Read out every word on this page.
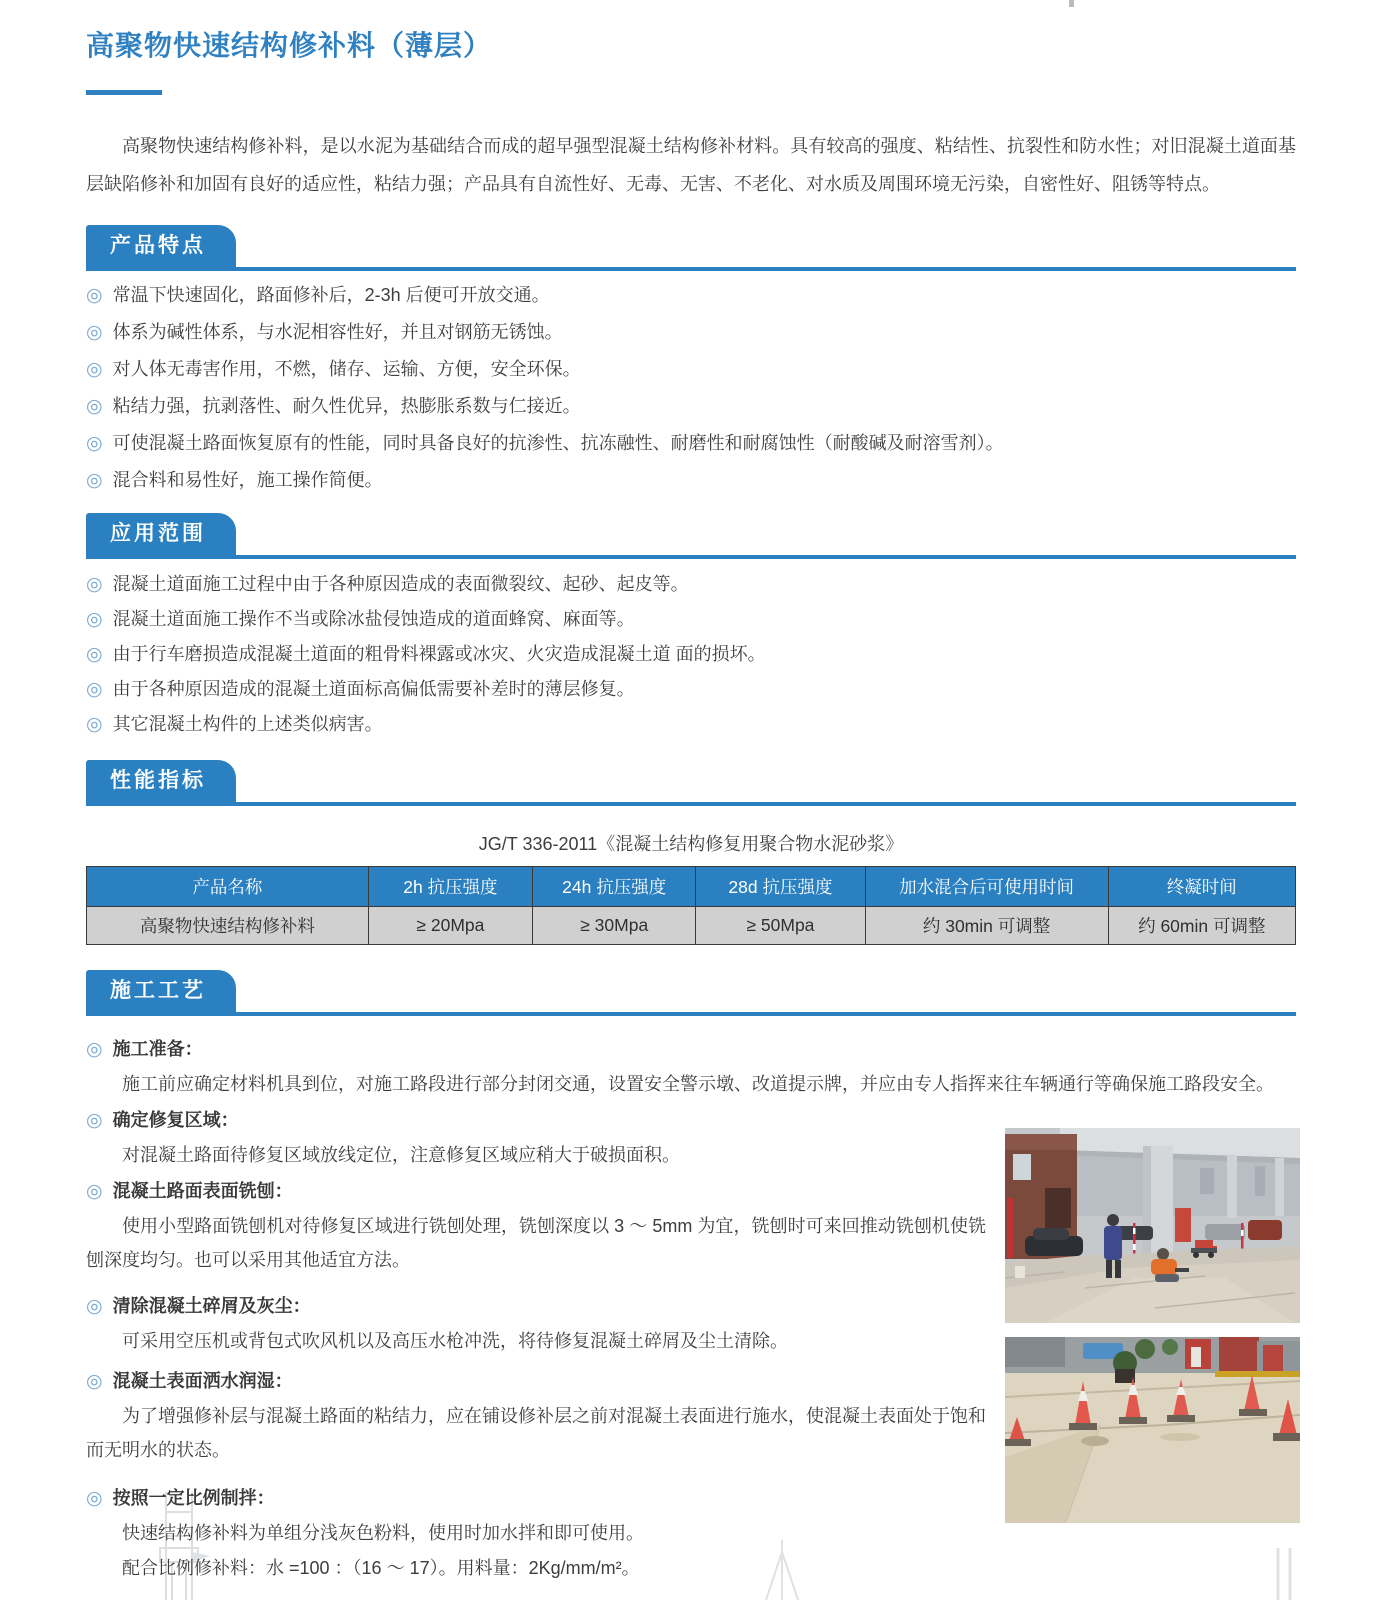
高聚物快速结构修补料（薄层）

高聚物快速结构修补料，是以水泥为基础结合而成的超早强型混凝土结构修补材料。具有较高的强度、粘结性、抗裂性和防水性；对旧混凝土道面基层缺陷修补和加固有良好的适应性，粘结力强；产品具有自流性好、无毒、无害、不老化、对水质及周围环境无污染，自密性好、阻锈等特点。

产品特点
◎ 常温下快速固化，路面修补后，2-3h 后便可开放交通。
◎ 体系为碱性体系，与水泥相容性好，并且对钢筋无锈蚀。
◎ 对人体无毒害作用，不燃，储存、运输、方便，安全环保。
◎ 粘结力强，抗剥落性、耐久性优异，热膨胀系数与仁接近。
◎ 可使混凝土路面恢复原有的性能，同时具备良好的抗渗性、抗冻融性、耐磨性和耐腐蚀性（耐酸碱及耐溶雪剂）。
◎ 混合料和易性好，施工操作简便。
应用范围
◎ 混凝土道面施工过程中由于各种原因造成的表面微裂纹、起砂、起皮等。
◎ 混凝土道面施工操作不当或除冰盐侵蚀造成的道面蜂窝、麻面等。
◎ 由于行车磨损造成混凝土道面的粗骨料裸露或冰灾、火灾造成混凝土道 面的损坏。
◎ 由于各种原因造成的混凝土道面标高偏低需要补差时的薄层修复。
◎ 其它混凝土构件的上述类似病害。
性能指标
JG/T 336-2011《混凝土结构修复用聚合物水泥砂浆》
产品名称	2h 抗压强度	24h 抗压强度	28d 抗压强度	加水混合后可使用时间	终凝时间
高聚物快速结构修补料	≥ 20Mpa	≥ 30Mpa	≥ 50Mpa	约 30min 可调整	约 60min 可调整
施工工艺
◎ 施工准备：
施工前应确定材料机具到位，对施工路段进行部分封闭交通，设置安全警示墩、改道提示牌，并应由专人指挥来往车辆通行等确保施工路段安全。
◎ 确定修复区域：
对混凝土路面待修复区域放线定位，注意修复区域应稍大于破损面积。
◎ 混凝土路面表面铣刨：
使用小型路面铣刨机对待修复区域进行铣刨处理，铣刨深度以 3 ～ 5mm 为宜，铣刨时可来回推动铣刨机使铣刨深度均匀。也可以采用其他适宜方法。
◎ 清除混凝土碎屑及灰尘：
可采用空压机或背包式吹风机以及高压水枪冲洗，将待修复混凝土碎屑及尘土清除。
◎ 混凝土表面洒水润湿：
为了增强修补层与混凝土路面的粘结力，应在铺设修补层之前对混凝土表面进行施水，使混凝土表面处于饱和而无明水的状态。
◎ 按照一定比例制拌：
快速结构修补料为单组分浅灰色粉料，使用时加水拌和即可使用。
配合比例修补料：水 =100 ：（16 ～ 17）。用料量：2Kg/mm/m²。
